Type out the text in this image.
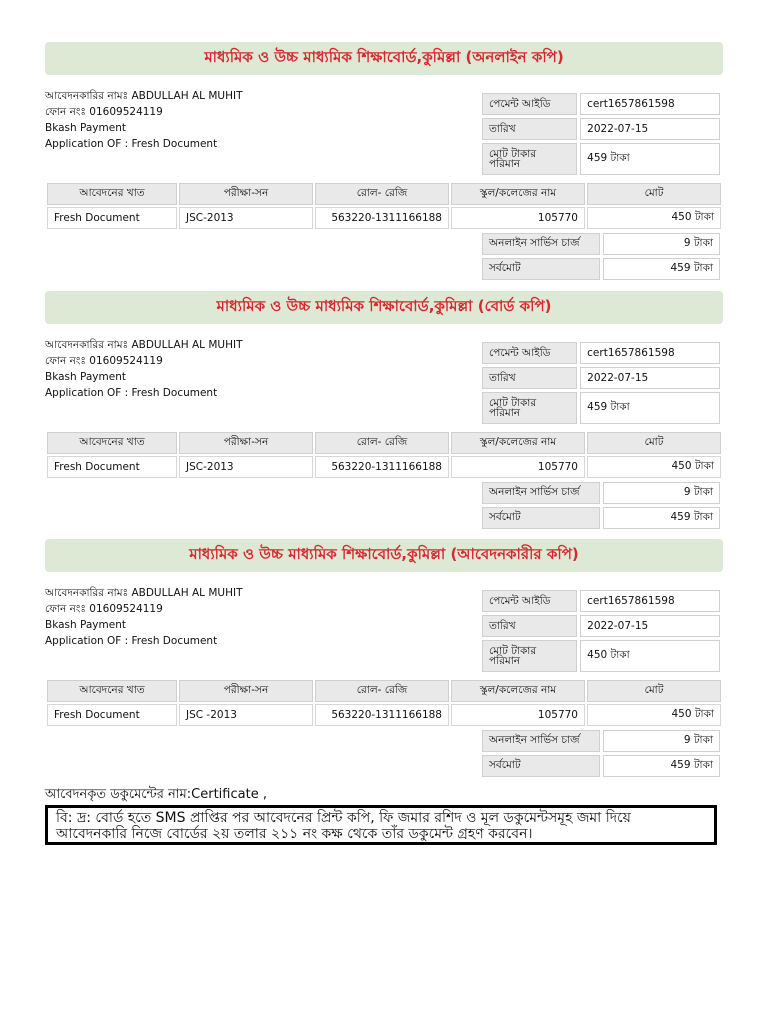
মাধ্যমিক ও উচ্চ মাধ্যমিক শিক্ষাবোর্ড,কুমিল্লা (অনলাইন কপি)
আবেদনকারির নামঃ ABDULLAH AL MUHIT
ফোন নংঃ 01609524119
Bkash Payment
Application OF : Fresh Document
পেমেন্ট আইডি	cert1657861598
তারিখ	2022-07-15
মোট টাকার পরিমান	459 টাকা
আবেদনের খাত	পরীক্ষা-সন	রোল- রেজি	স্কুল/কলেজের নাম	মোট
Fresh Document	JSC-2013	563220-1311166188	105770	450 টাকা
অনলাইন সার্ভিস চার্জ	9 টাকা
সর্বমোট	459 টাকা
মাধ্যমিক ও উচ্চ মাধ্যমিক শিক্ষাবোর্ড,কুমিল্লা (বোর্ড কপি)
আবেদনকারির নামঃ ABDULLAH AL MUHIT
ফোন নংঃ 01609524119
Bkash Payment
Application OF : Fresh Document
পেমেন্ট আইডি	cert1657861598
তারিখ	2022-07-15
মোট টাকার পরিমান	459 টাকা
আবেদনের খাত	পরীক্ষা-সন	রোল- রেজি	স্কুল/কলেজের নাম	মোট
Fresh Document	JSC-2013	563220-1311166188	105770	450 টাকা
অনলাইন সার্ভিস চার্জ	9 টাকা
সর্বমোট	459 টাকা
মাধ্যমিক ও উচ্চ মাধ্যমিক শিক্ষাবোর্ড,কুমিল্লা (আবেদনকারীর কপি)
আবেদনকারির নামঃ ABDULLAH AL MUHIT
ফোন নংঃ 01609524119
Bkash Payment
Application OF : Fresh Document
পেমেন্ট আইডি	cert1657861598
তারিখ	2022-07-15
মোট টাকার পরিমান	450 টাকা
আবেদনের খাত	পরীক্ষা-সন	রোল- রেজি	স্কুল/কলেজের নাম	মোট
Fresh Document	JSC -2013	563220-1311166188	105770	450 টাকা
অনলাইন সার্ভিস চার্জ	9 টাকা
সর্বমোট	459 টাকা
আবেদনকৃত ডকুমেন্টের নাম:Certificate ,
বি: দ্র: বোর্ড হতে SMS প্রাপ্তির পর আবেদনের প্রিন্ট কপি, ফি জমার রশিদ ও মূল ডকুমেন্টসমূহ জমা দিয়ে আবেদনকারি নিজে বোর্ডের ২য় তলার ২১১ নং কক্ষ থেকে তাঁর ডকুমেন্ট গ্রহণ করবেন।
